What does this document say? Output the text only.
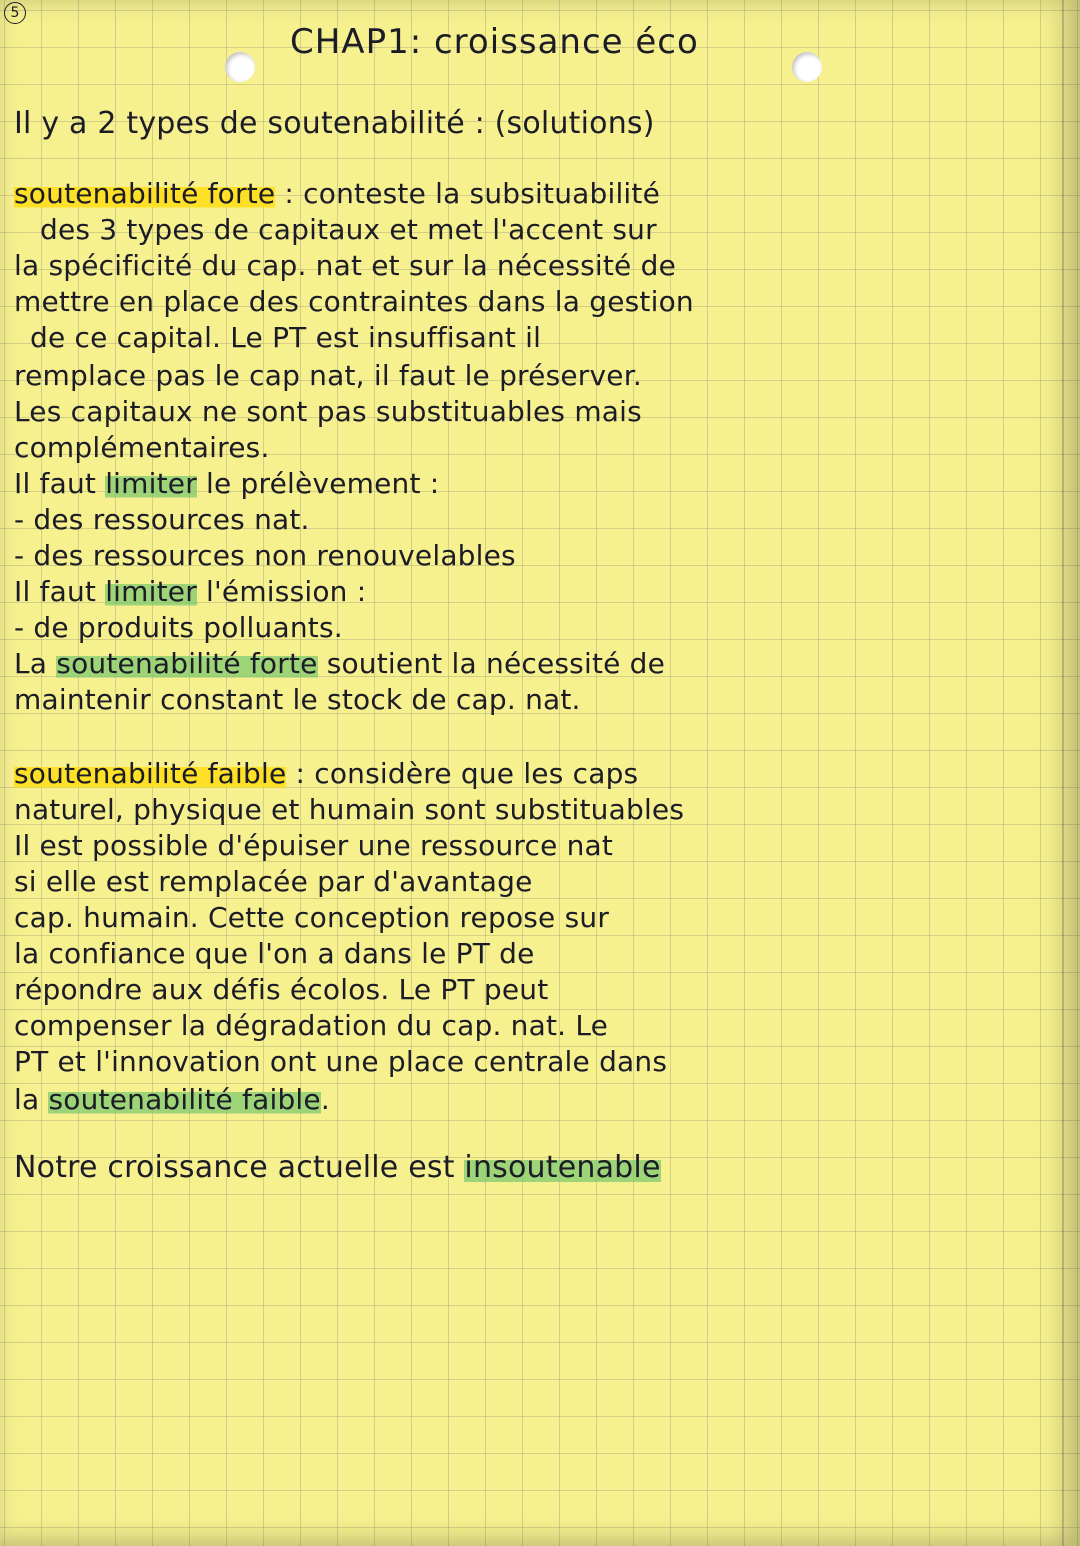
5
CHAP1: croissance éco
Il y a 2 types de soutenabilité : (solutions)
soutenabilité forte : conteste la subsituabilité
des 3 types de capitaux et met l'accent sur
la spécificité du cap. nat et sur la nécessité de
mettre en place des contraintes dans la gestion
de ce capital. Le PT est insuffisant il
remplace pas le cap nat, il faut le préserver.
Les capitaux ne sont pas substituables mais
complémentaires.
Il faut limiter le prélèvement :
- des ressources nat.
- des ressources non renouvelables
Il faut limiter l'émission :
- de produits polluants.
La soutenabilité forte soutient la nécessité de
maintenir constant le stock de cap. nat.
soutenabilité faible : considère que les caps
naturel, physique et humain sont substituables
Il est possible d'épuiser une ressource nat
si elle est remplacée par d'avantage
cap. humain. Cette conception repose sur
la confiance que l'on a dans le PT de
répondre aux défis écolos. Le PT peut
compenser la dégradation du cap. nat. Le
PT et l'innovation ont une place centrale dans
la soutenabilité faible.
Notre croissance actuelle est insoutenable
